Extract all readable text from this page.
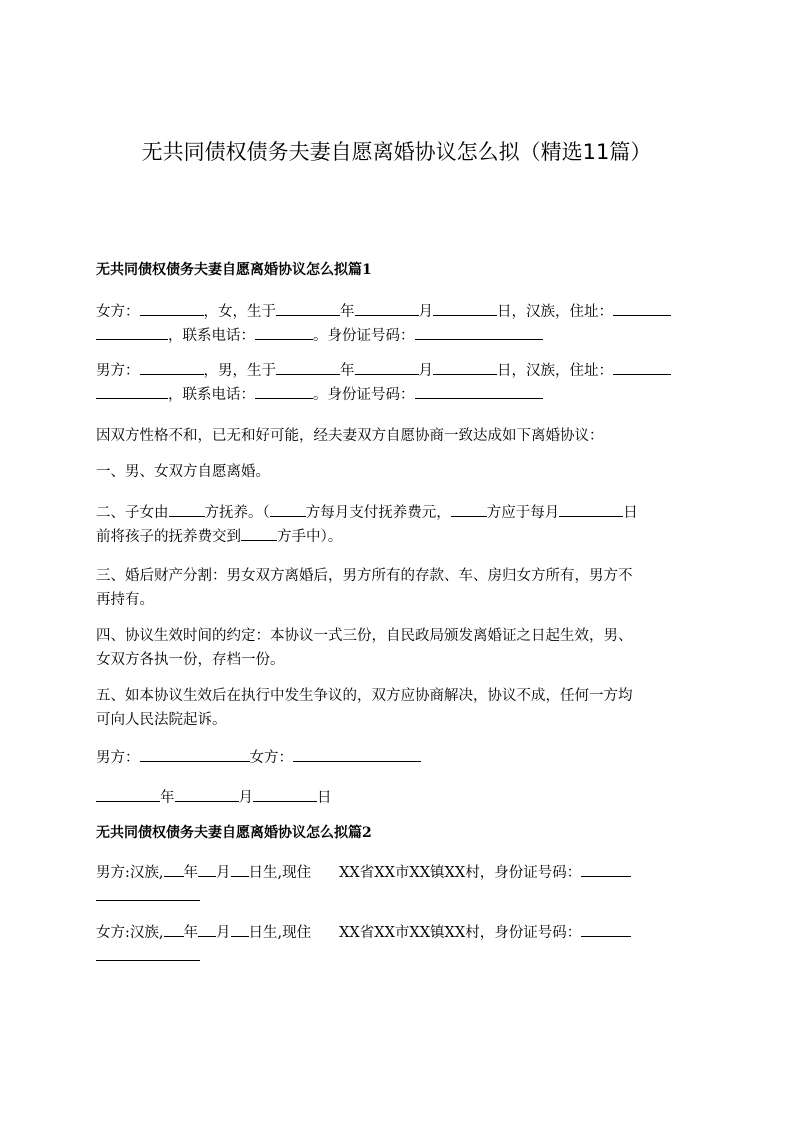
无共同债权债务夫妻自愿离婚协议怎么拟（精选11篇）
无共同债权债务夫妻自愿离婚协议怎么拟篇1
女方：	，女，生于	年	月	日，汉族，住址：
，联系电话：	。身份证号码：
男方：	，男，生于	年	月	日，汉族，住址：
，联系电话：	。身份证号码：
因双方性格不和，已无和好可能，经夫妻双方自愿协商一致达成如下离婚协议：
一、男、女双方自愿离婚。
二、子女由 方抚养。（ 方每月支付抚养费元， 方应于每月	日
前将孩子的抚养费交到 方手中）。
三、婚后财产分割：男女双方离婚后，男方所有的存款、车、房归女方所有，男方不
再持有。
四、协议生效时间的约定：本协议一式三份，自民政局颁发离婚证之日起生效，男、
女双方各执一份，存档一份。
五、如本协议生效后在执行中发生争议的，双方应协商解决，协议不成，任何一方均
可向人民法院起诉。
男方：	女方：
年	月	日
无共同债权债务夫妻自愿离婚协议怎么拟篇2
男方:汉族, 年 月 日生,现住 XX省XX市XX镇XX村，身份证号码：
女方:汉族, 年 月 日生,现住 XX省XX市XX镇XX村，身份证号码：
